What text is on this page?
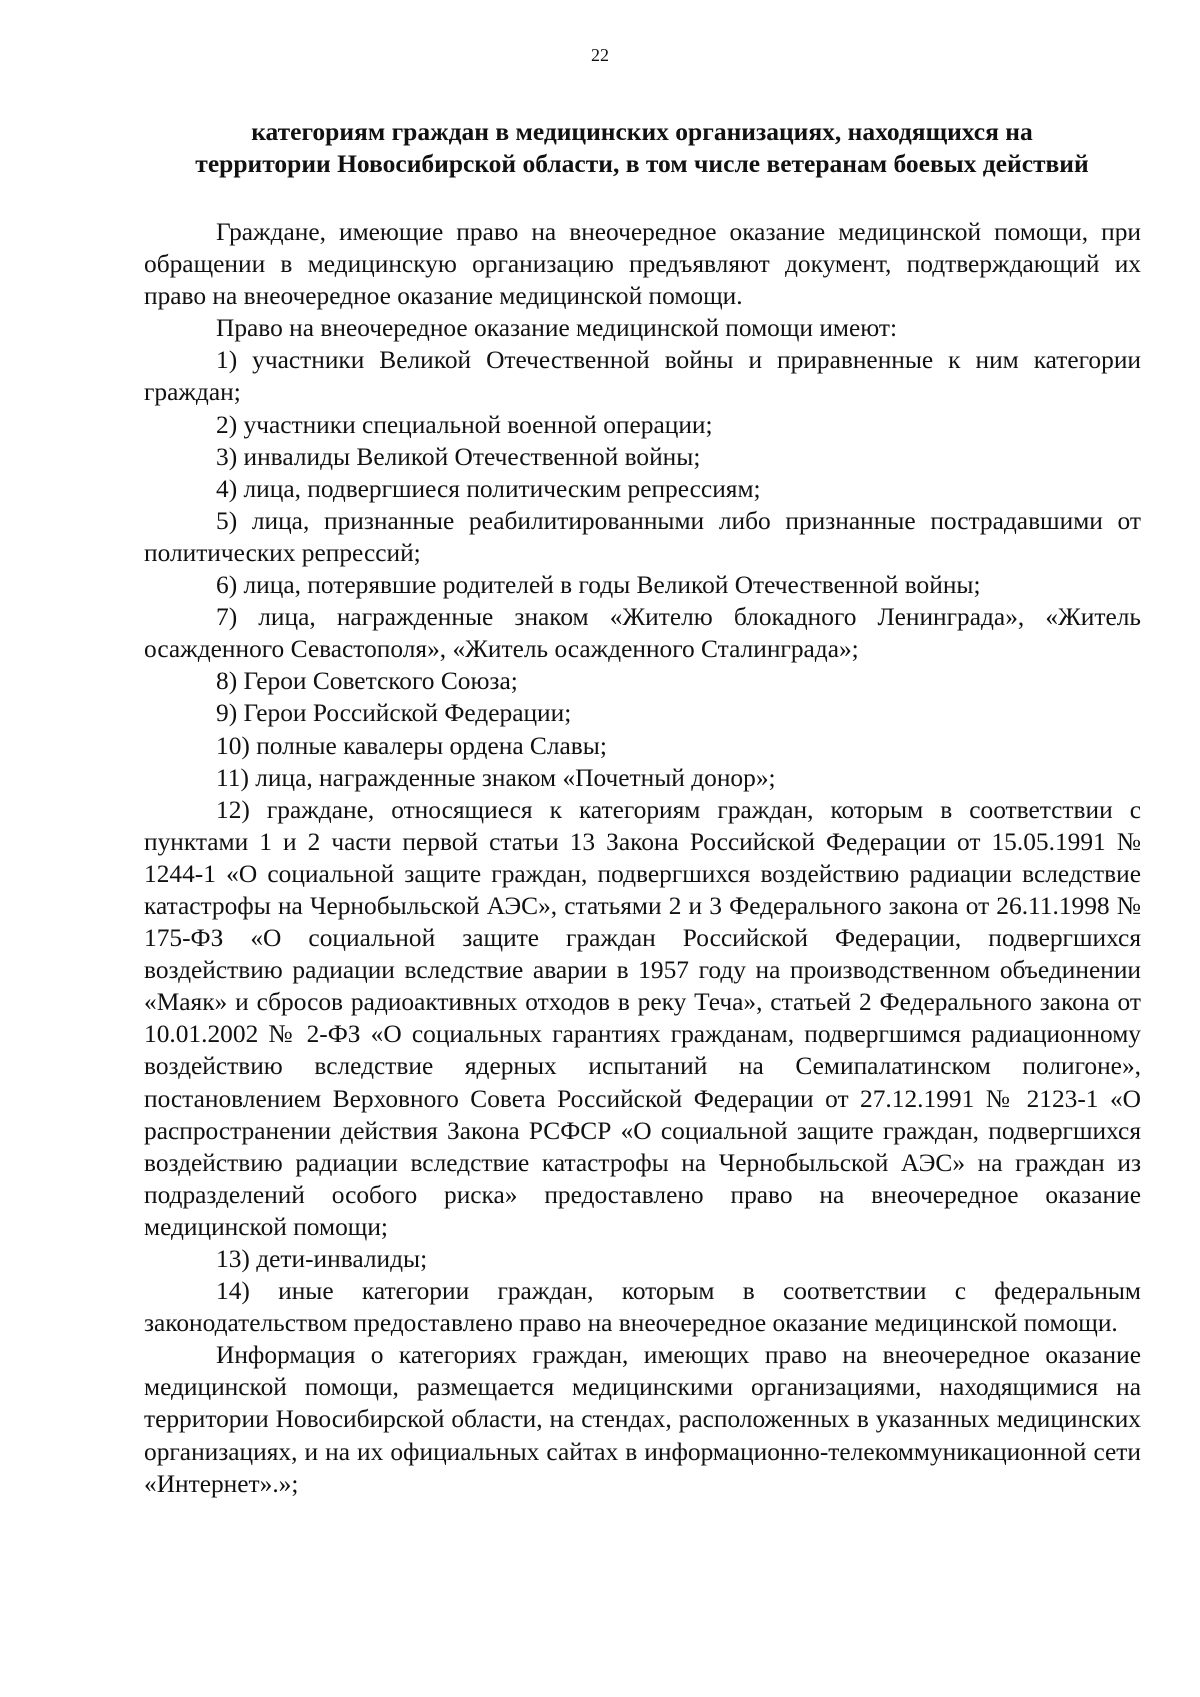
22
категориям граждан в медицинских организациях, находящихся на
территории Новосибирской области, в том числе ветеранам боевых действий

Граждане, имеющие право на внеочередное оказание медицинской помощи, при обращении в медицинскую организацию предъявляют документ, подтверждающий их право на внеочередное оказание медицинской помощи.

Право на внеочередное оказание медицинской помощи имеют:

1) участники Великой Отечественной войны и приравненные к ним категории граждан;

2) участники специальной военной операции;

3) инвалиды Великой Отечественной войны;

4) лица, подвергшиеся политическим репрессиям;

5) лица, признанные реабилитированными либо признанные пострадавшими от политических репрессий;

6) лица, потерявшие родителей в годы Великой Отечественной войны;

7) лица, награжденные знаком «Жителю блокадного Ленинграда», «Житель осажденного Севастополя», «Житель осажденного Сталинграда»;

8) Герои Советского Союза;

9) Герои Российской Федерации;

10) полные кавалеры ордена Славы;

11) лица, награжденные знаком «Почетный донор»;

12) граждане, относящиеся к категориям граждан, которым в соответствии с пунктами 1 и 2 части первой статьи 13 Закона Российской Федерации от 15.05.1991 № 1244-1 «О социальной защите граждан, подвергшихся воздействию радиации вследствие катастрофы на Чернобыльской АЭС», статьями 2 и 3 Федерального закона от 26.11.1998 № 175-ФЗ «О социальной защите граждан Российской Федерации, подвергшихся воздействию радиации вследствие аварии в 1957 году на производственном объединении «Маяк» и сбросов радиоактивных отходов в реку Теча», статьей 2 Федерального закона от 10.01.2002 № 2-ФЗ «О социальных гарантиях гражданам, подвергшимся радиационному воздействию вследствие ядерных испытаний на Семипалатинском полигоне», постановлением Верховного Совета Российской Федерации от 27.12.1991 № 2123-1 «О распространении действия Закона РСФСР «О социальной защите граждан, подвергшихся воздействию радиации вследствие катастрофы на Чернобыльской АЭС» на граждан из подразделений особого риска» предоставлено право на внеочередное оказание медицинской помощи;

13) дети-инвалиды;

14) иные категории граждан, которым в соответствии с федеральным законодательством предоставлено право на внеочередное оказание медицинской помощи.

Информация о категориях граждан, имеющих право на внеочередное оказание медицинской помощи, размещается медицинскими организациями, находящимися на территории Новосибирской области, на стендах, расположенных в указанных медицинских организациях, и на их официальных сайтах в информационно-телекоммуникационной сети «Интернет».»;
